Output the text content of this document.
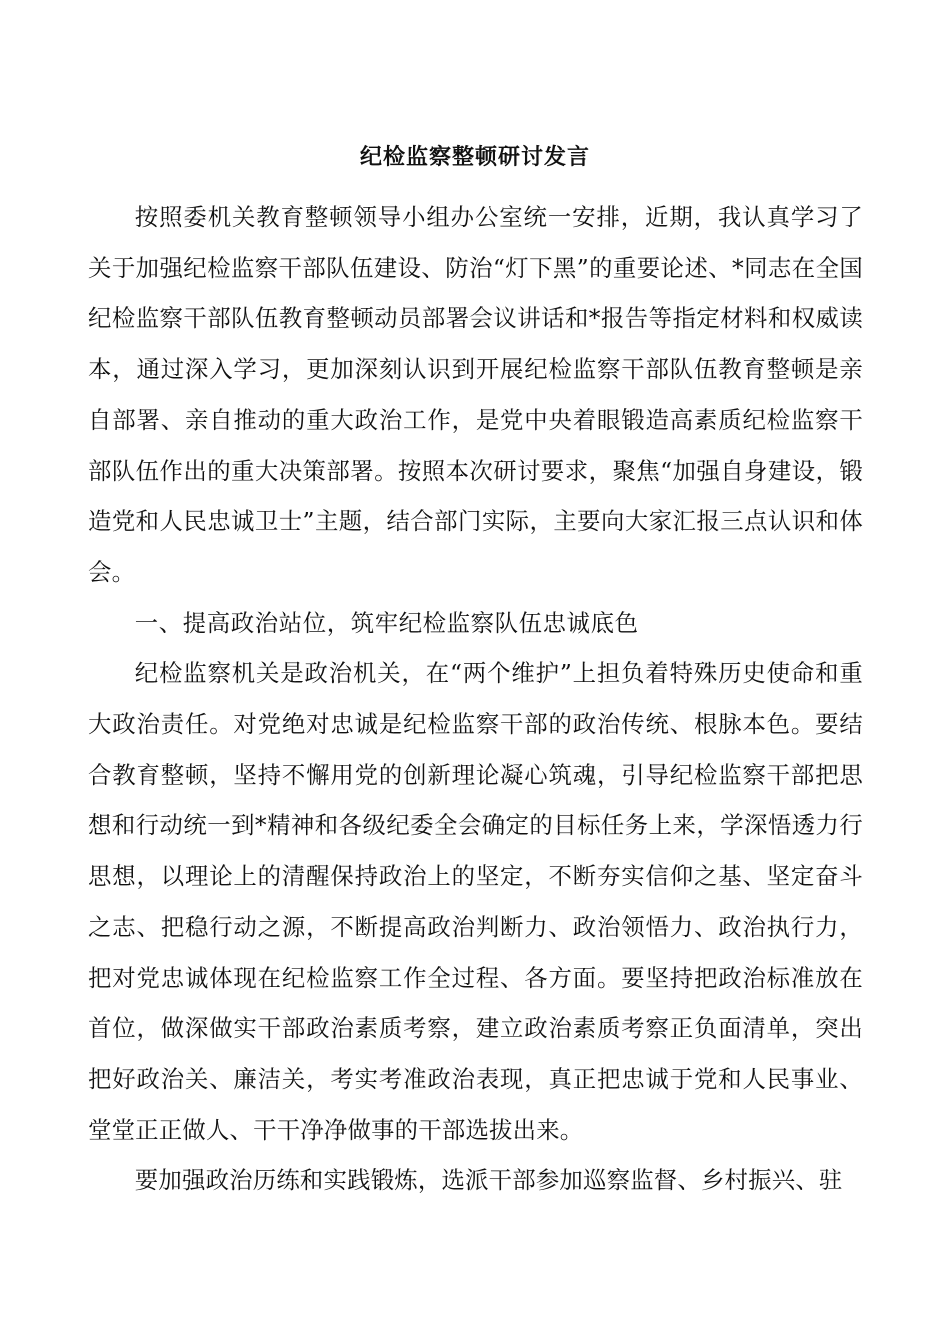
纪检监察整顿研讨发言

按照委机关教育整顿领导小组办公室统一安排，近期，我认真学习了关于加强纪检监察干部队伍建设、防治“灯下黑”的重要论述、*同志在全国纪检监察干部队伍教育整顿动员部署会议讲话和*报告等指定材料和权威读本，通过深入学习，更加深刻认识到开展纪检监察干部队伍教育整顿是亲自部署、亲自推动的重大政治工作，是党中央着眼锻造高素质纪检监察干部队伍作出的重大决策部署。按照本次研讨要求，聚焦“加强自身建设，锻造党和人民忠诚卫士”主题，结合部门实际，主要向大家汇报三点认识和体会。

一、提高政治站位，筑牢纪检监察队伍忠诚底色

纪检监察机关是政治机关，在“两个维护”上担负着特殊历史使命和重大政治责任。对党绝对忠诚是纪检监察干部的政治传统、根脉本色。要结合教育整顿，坚持不懈用党的创新理论凝心筑魂，引导纪检监察干部把思想和行动统一到*精神和各级纪委全会确定的目标任务上来，学深悟透力行思想，以理论上的清醒保持政治上的坚定，不断夯实信仰之基、坚定奋斗之志、把稳行动之源，不断提高政治判断力、政治领悟力、政治执行力，把对党忠诚体现在纪检监察工作全过程、各方面。要坚持把政治标准放在首位，做深做实干部政治素质考察，建立政治素质考察正负面清单，突出把好政治关、廉洁关，考实考准政治表现，真正把忠诚于党和人民事业、堂堂正正做人、干干净净做事的干部选拔出来。

要加强政治历练和实践锻炼，选派干部参加巡察监督、乡村振兴、驻
